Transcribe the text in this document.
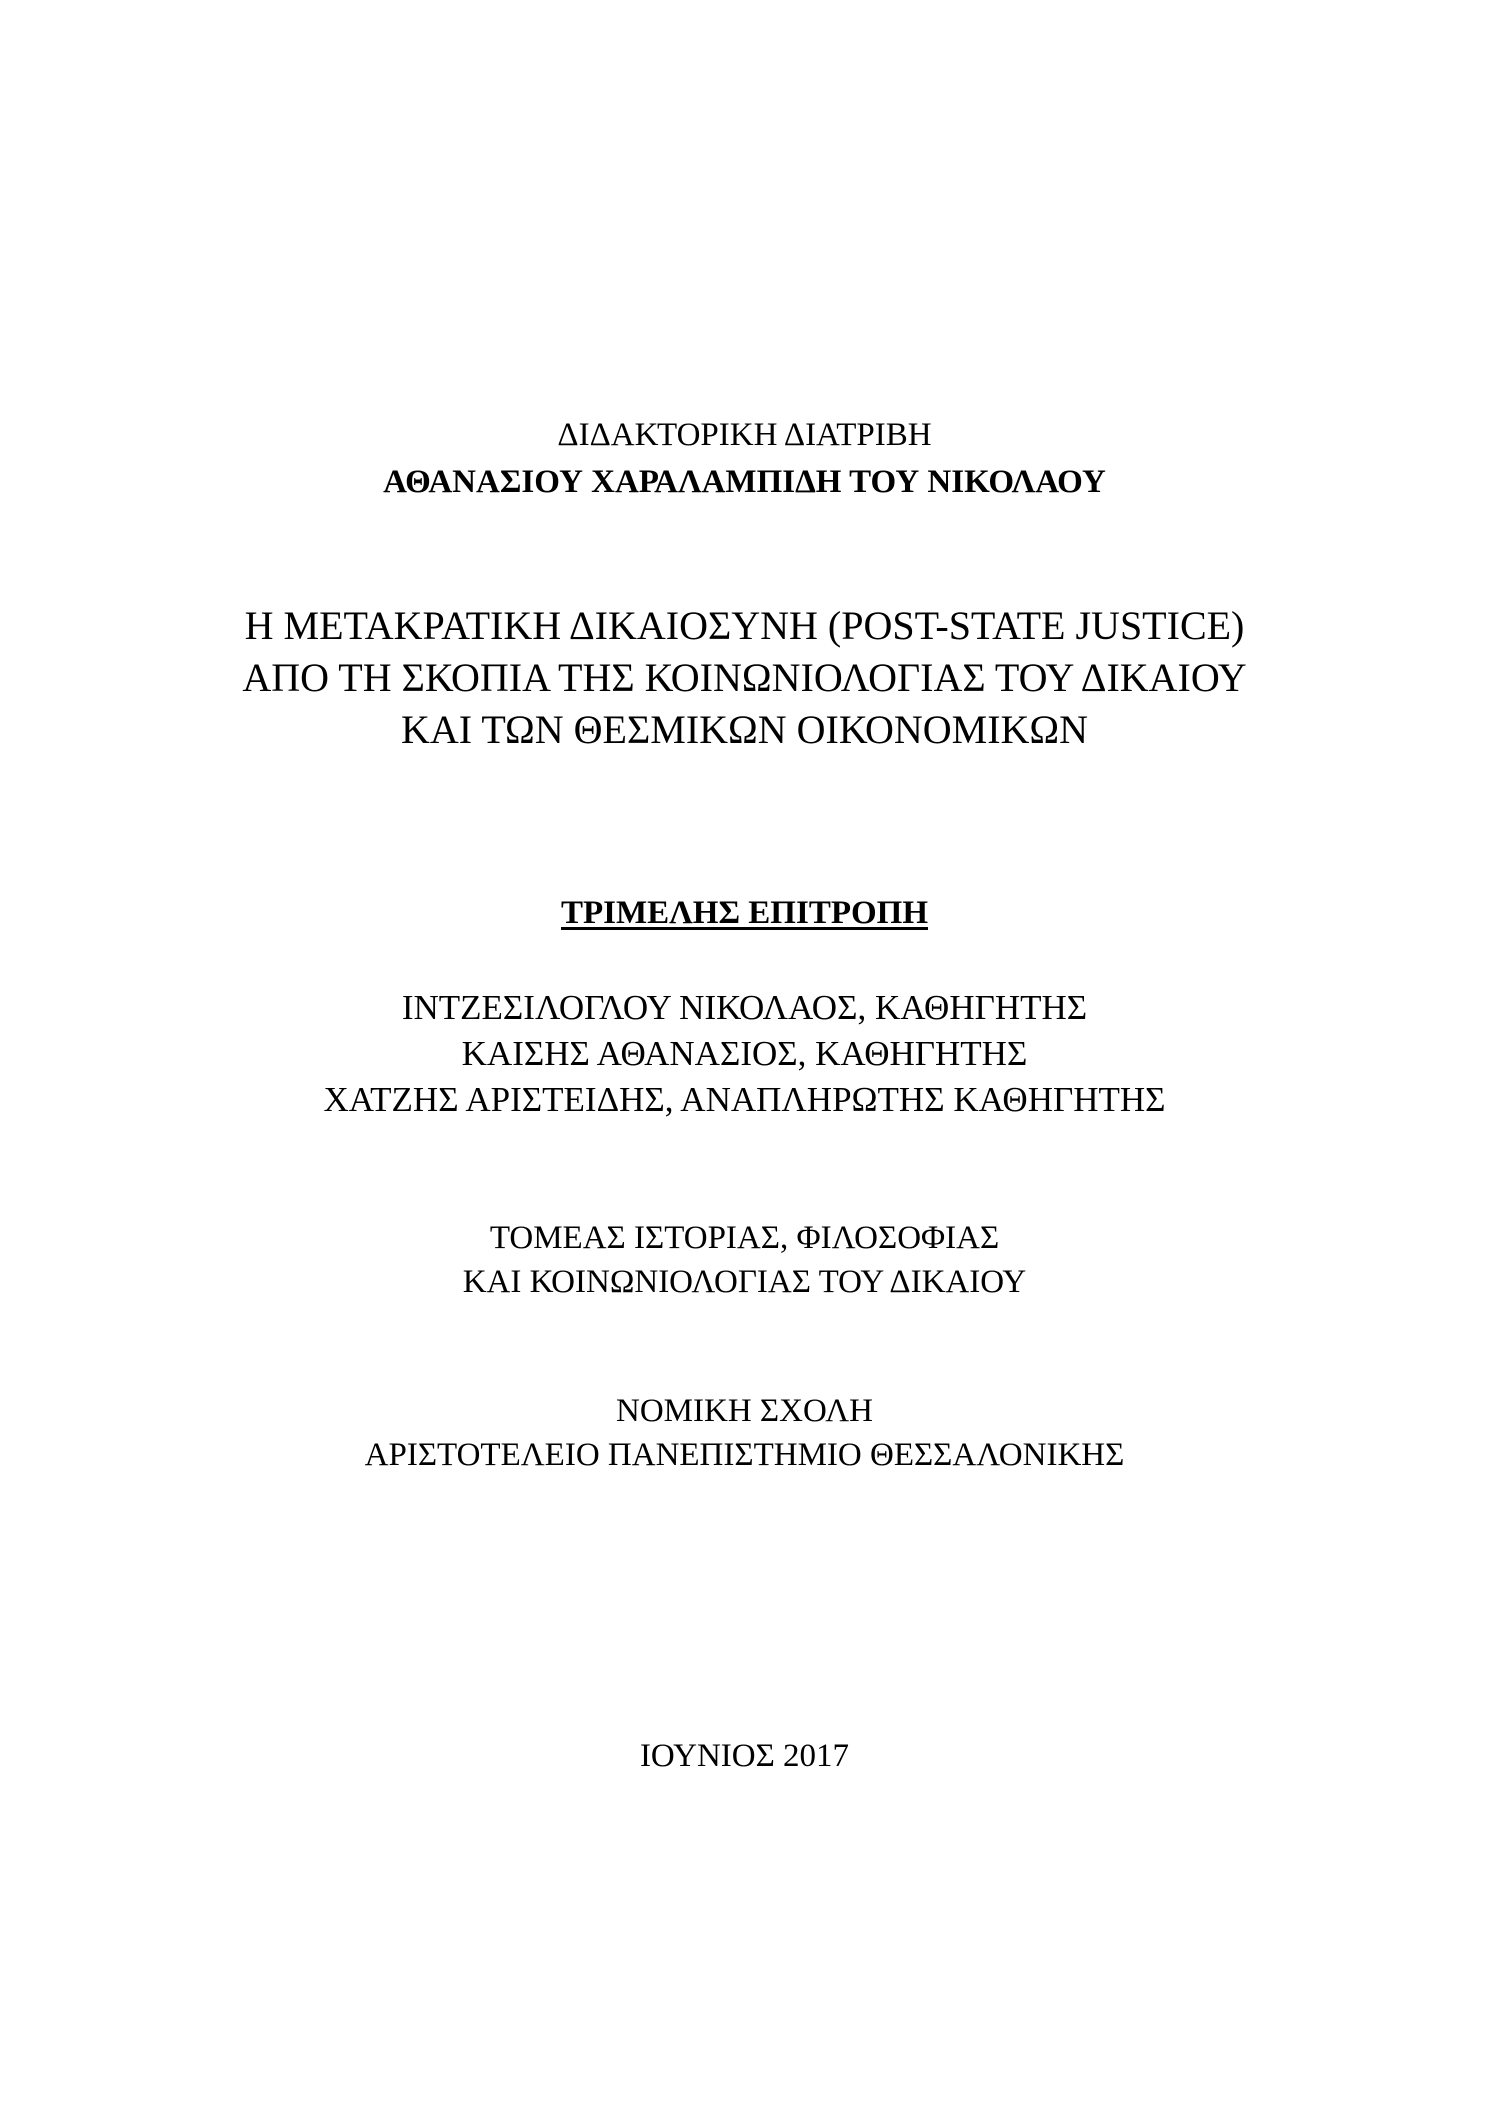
ΔΙΔΑΚΤΟΡΙΚΗ ΔΙΑΤΡΙΒΗ
ΑΘΑΝΑΣΙΟΥ ΧΑΡΑΛΑΜΠΙΔΗ ΤΟΥ ΝΙΚΟΛΑΟΥ
Η ΜΕΤΑΚΡΑΤΙΚΗ ΔΙΚΑΙΟΣΥΝΗ (POST-STATE JUSTICE)
ΑΠΟ ΤΗ ΣΚΟΠΙΑ ΤΗΣ ΚΟΙΝΩΝΙΟΛΟΓΙΑΣ ΤΟΥ ΔΙΚΑΙΟΥ
ΚΑΙ ΤΩΝ ΘΕΣΜΙΚΩΝ ΟΙΚΟΝΟΜΙΚΩΝ
ΤΡΙΜΕΛΗΣ ΕΠΙΤΡΟΠΗ
ΙΝΤΖΕΣΙΛΟΓΛΟΥ ΝΙΚΟΛΑΟΣ, ΚΑΘΗΓΗΤΗΣ
ΚΑΙΣΗΣ ΑΘΑΝΑΣΙΟΣ, ΚΑΘΗΓΗΤΗΣ
ΧΑΤΖΗΣ ΑΡΙΣΤΕΙΔΗΣ, ΑΝΑΠΛΗΡΩΤΗΣ ΚΑΘΗΓΗΤΗΣ
ΤΟΜΕΑΣ ΙΣΤΟΡΙΑΣ, ΦΙΛΟΣΟΦΙΑΣ
ΚΑΙ ΚΟΙΝΩΝΙΟΛΟΓΙΑΣ ΤΟΥ ΔΙΚΑΙΟΥ
ΝΟΜΙΚΗ ΣΧΟΛΗ
ΑΡΙΣΤΟΤΕΛΕΙΟ ΠΑΝΕΠΙΣΤΗΜΙΟ ΘΕΣΣΑΛΟΝΙΚΗΣ
ΙΟΥΝΙΟΣ 2017
